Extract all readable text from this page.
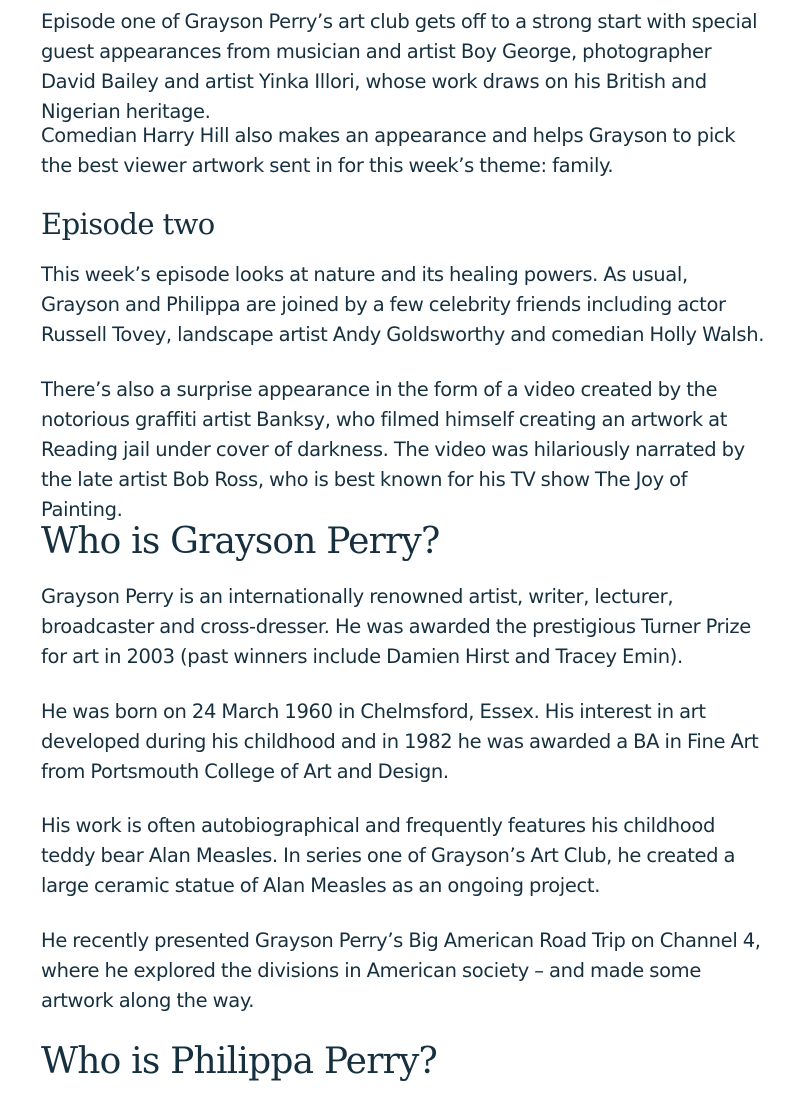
Episode one of Grayson Perry’s art club gets off to a strong start with special guest appearances from musician and artist Boy George, photographer David Bailey and artist Yinka Illori, whose work draws on his British and Nigerian heritage.

Comedian Harry Hill also makes an appearance and helps Grayson to pick the best viewer artwork sent in for this week’s theme: family.

Episode two

This week’s episode looks at nature and its healing powers. As usual, Grayson and Philippa are joined by a few celebrity friends including actor Russell Tovey, landscape artist Andy Goldsworthy and comedian Holly Walsh.

There’s also a surprise appearance in the form of a video created by the notorious graffiti artist Banksy, who filmed himself creating an artwork at Reading jail under cover of darkness. The video was hilariously narrated by the late artist Bob Ross, who is best known for his TV show The Joy of Painting.

Who is Grayson Perry?

Grayson Perry is an internationally renowned artist, writer, lecturer, broadcaster and cross-dresser. He was awarded the prestigious Turner Prize for art in 2003 (past winners include Damien Hirst and Tracey Emin).

He was born on 24 March 1960 in Chelmsford, Essex. His interest in art developed during his childhood and in 1982 he was awarded a BA in Fine Art from Portsmouth College of Art and Design.

His work is often autobiographical and frequently features his childhood teddy bear Alan Measles. In series one of Grayson’s Art Club, he created a large ceramic statue of Alan Measles as an ongoing project.

He recently presented Grayson Perry’s Big American Road Trip on Channel 4, where he explored the divisions in American society – and made some artwork along the way.

Who is Philippa Perry?
